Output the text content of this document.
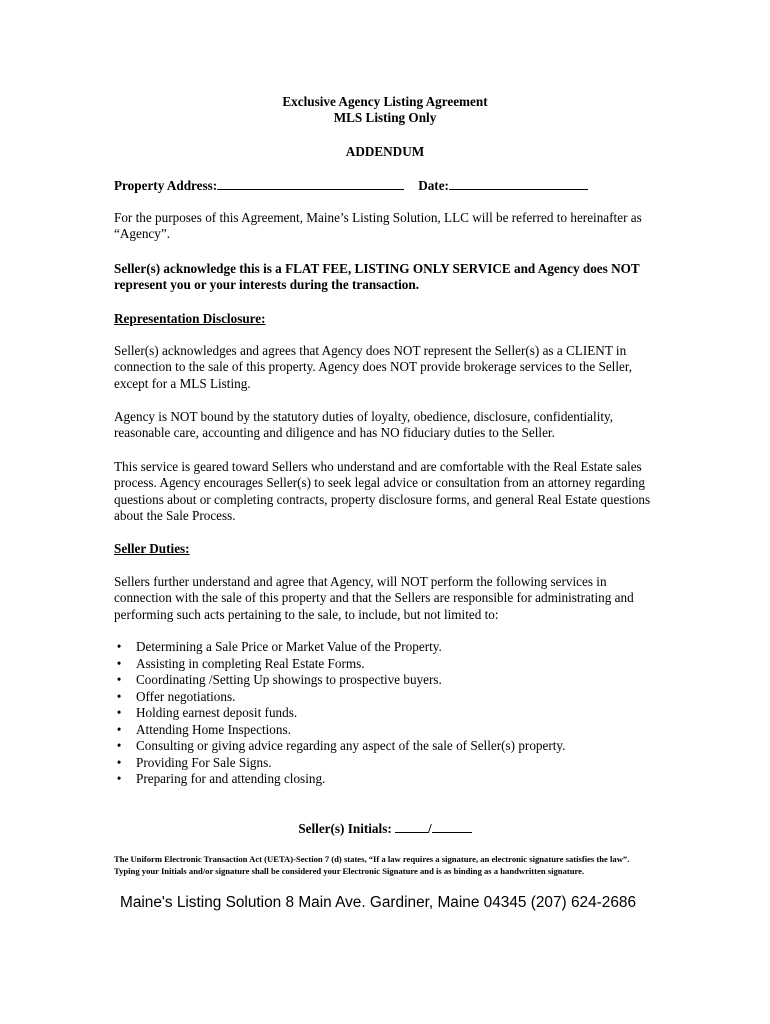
Exclusive Agency Listing Agreement
MLS Listing Only
ADDENDUM
Property Address:	Date:
For the purposes of this Agreement, Maine’s Listing Solution, LLC will be referred to hereinafter as “Agency”.
Seller(s) acknowledge this is a FLAT FEE, LISTING ONLY SERVICE and Agency does NOT represent you or your interests during the transaction.
Representation Disclosure:
Seller(s) acknowledges and agrees that Agency does NOT represent the Seller(s) as a CLIENT in connection to the sale of this property. Agency does NOT provide brokerage services to the Seller, except for a MLS Listing.
Agency is NOT bound by the statutory duties of loyalty, obedience, disclosure, confidentiality, reasonable care, accounting and diligence and has NO fiduciary duties to the Seller.
This service is geared toward Sellers who understand and are comfortable with the Real Estate sales process. Agency encourages Seller(s) to seek legal advice or consultation from an attorney regarding questions about or completing contracts, property disclosure forms, and general Real Estate questions about the Sale Process.
Seller Duties:
Sellers further understand and agree that Agency, will NOT perform the following services in connection with the sale of this property and that the Sellers are responsible for administrating and performing such acts pertaining to the sale, to include, but not limited to:
• Determining a Sale Price or Market Value of the Property.
• Assisting in completing Real Estate Forms.
• Coordinating /Setting Up showings to prospective buyers.
• Offer negotiations.
• Holding earnest deposit funds.
• Attending Home Inspections.
• Consulting or giving advice regarding any aspect of the sale of Seller(s) property.
• Providing For Sale Signs.
• Preparing for and attending closing.
Seller(s) Initials:	/
The Uniform Electronic Transaction Act (UETA)-Section 7 (d) states, “If a law requires a signature, an electronic signature satisfies the law”. Typing your Initials and/or signature shall be considered your Electronic Signature and is as binding as a handwritten signature.
Maine's Listing Solution 8 Main Ave. Gardiner, Maine 04345 (207) 624-2686
